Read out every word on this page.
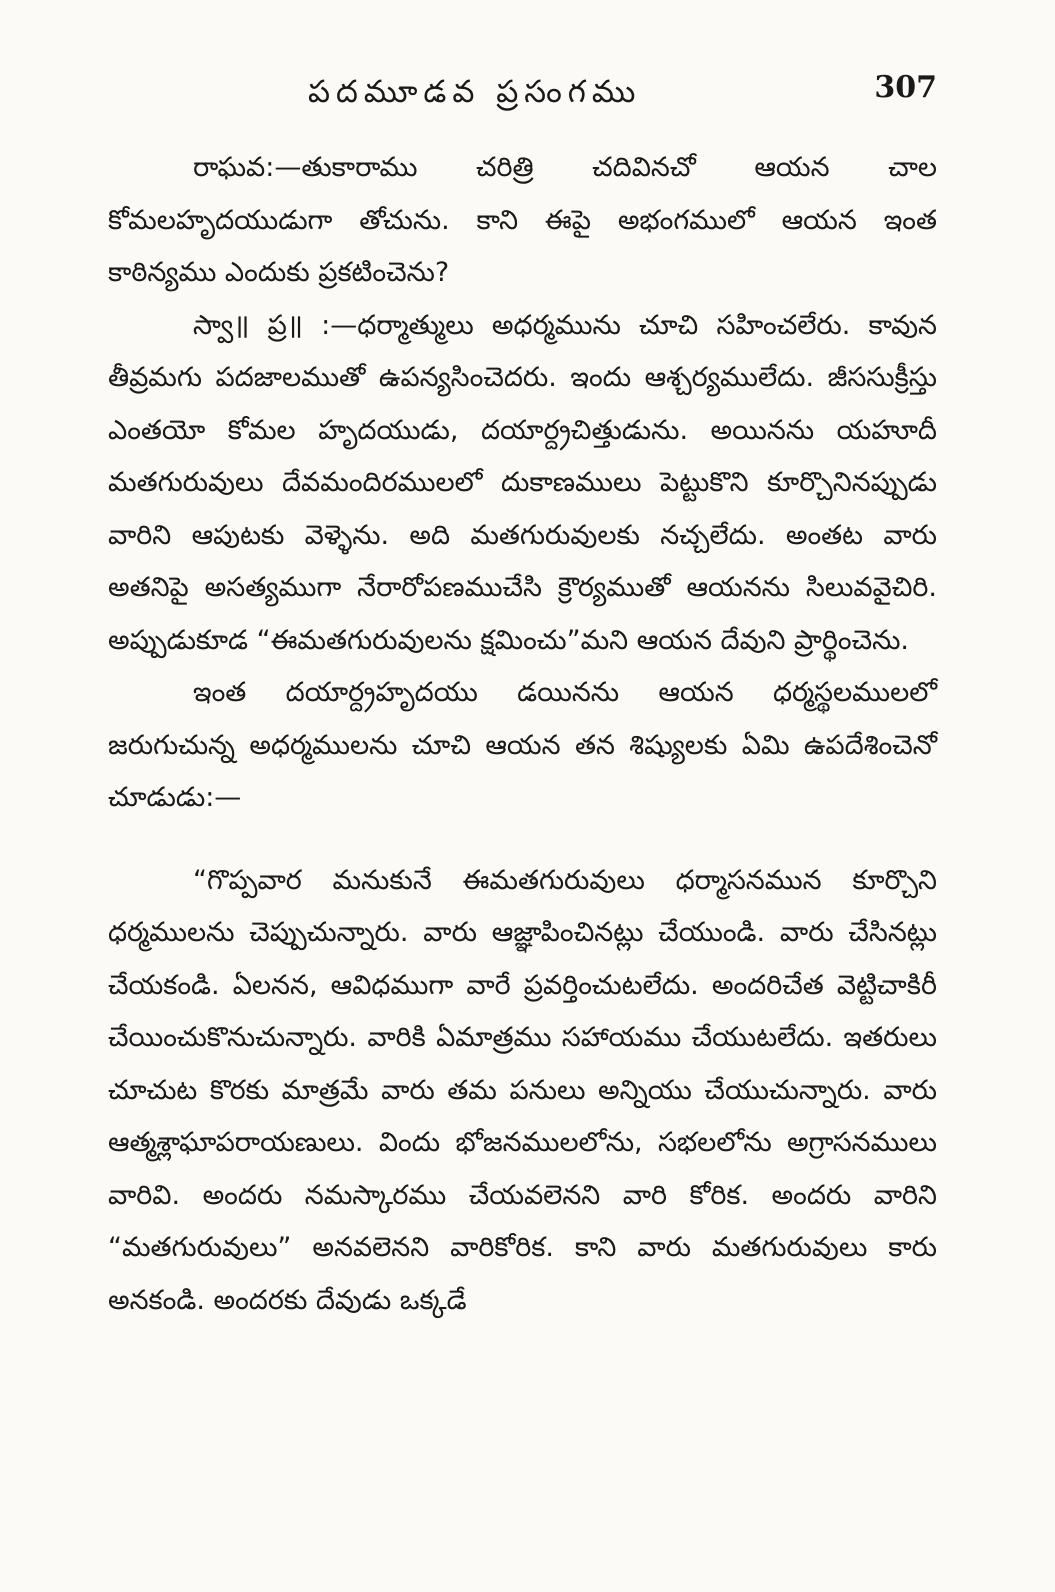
పదమూడవ ప్రసంగము	307

రాఘవ:—తుకారాము చరిత్రి చదివినచో ఆయన చాల కోమలహృదయుడుగా తోచును. కాని ఈపై అభంగములో ఆయన ఇంత కాఠిన్యము ఎందుకు ప్రకటించెను?

స్వా॥ ప్ర॥ :—ధర్మాత్ములు అధర్మమును చూచి సహించలేరు. కావున తీవ్రమగు పదజాలముతో ఉపన్యసించెదరు. ఇందు ఆశ్చర్యములేదు. జీససుక్రీస్తు ఎంతయో కోమల హృదయుడు, దయార్ద్రచిత్తుడును. అయినను యహూదీ మతగురువులు దేవమందిరములలో దుకాణములు పెట్టుకొని కూర్చొనినప్పుడు వారిని ఆపుటకు వెళ్ళెను. అది మతగురువులకు నచ్చలేదు. అంతట వారు అతనిపై అసత్యముగా నేరారోపణముచేసి క్రౌర్యముతో ఆయనను సిలువవైచిరి. అప్పుడుకూడ “ఈమతగురువులను క్షమించు”మని ఆయన దేవుని ప్రార్థించెను.

ఇంత దయార్ద్రహృదయు డయినను ఆయన ధర్మస్థలములలో జరుగుచున్న అధర్మములను చూచి ఆయన తన శిష్యులకు ఏమి ఉపదేశించెనో చూడుడు:—

“గొప్పవార మనుకునే ఈమతగురువులు ధర్మాసనమున కూర్చొని ధర్మములను చెప్పుచున్నారు. వారు ఆజ్ఞాపించినట్లు చేయుండి. వారు చేసినట్లు చేయకండి. ఏలనన, ఆవిధముగా వారే ప్రవర్తించుటలేదు. అందరిచేత వెట్టిచాకిరీ చేయించుకొనుచున్నారు. వారికి ఏమాత్రము సహాయము చేయుటలేదు. ఇతరులు చూచుట కొరకు మాత్రమే వారు తమ పనులు అన్నియు చేయుచున్నారు. వారు ఆత్మశ్లాఘాపరాయణులు. విందు భోజనములలోను, సభలలోను అగ్రాసనములు వారివి. అందరు నమస్కారము చేయవలెనని వారి కోరిక. అందరు వారిని “మతగురువులు” అనవలెనని వారికోరిక. కాని వారు మతగురువులు కారు అనకండి. అందరకు దేవుడు ఒక్కడే
